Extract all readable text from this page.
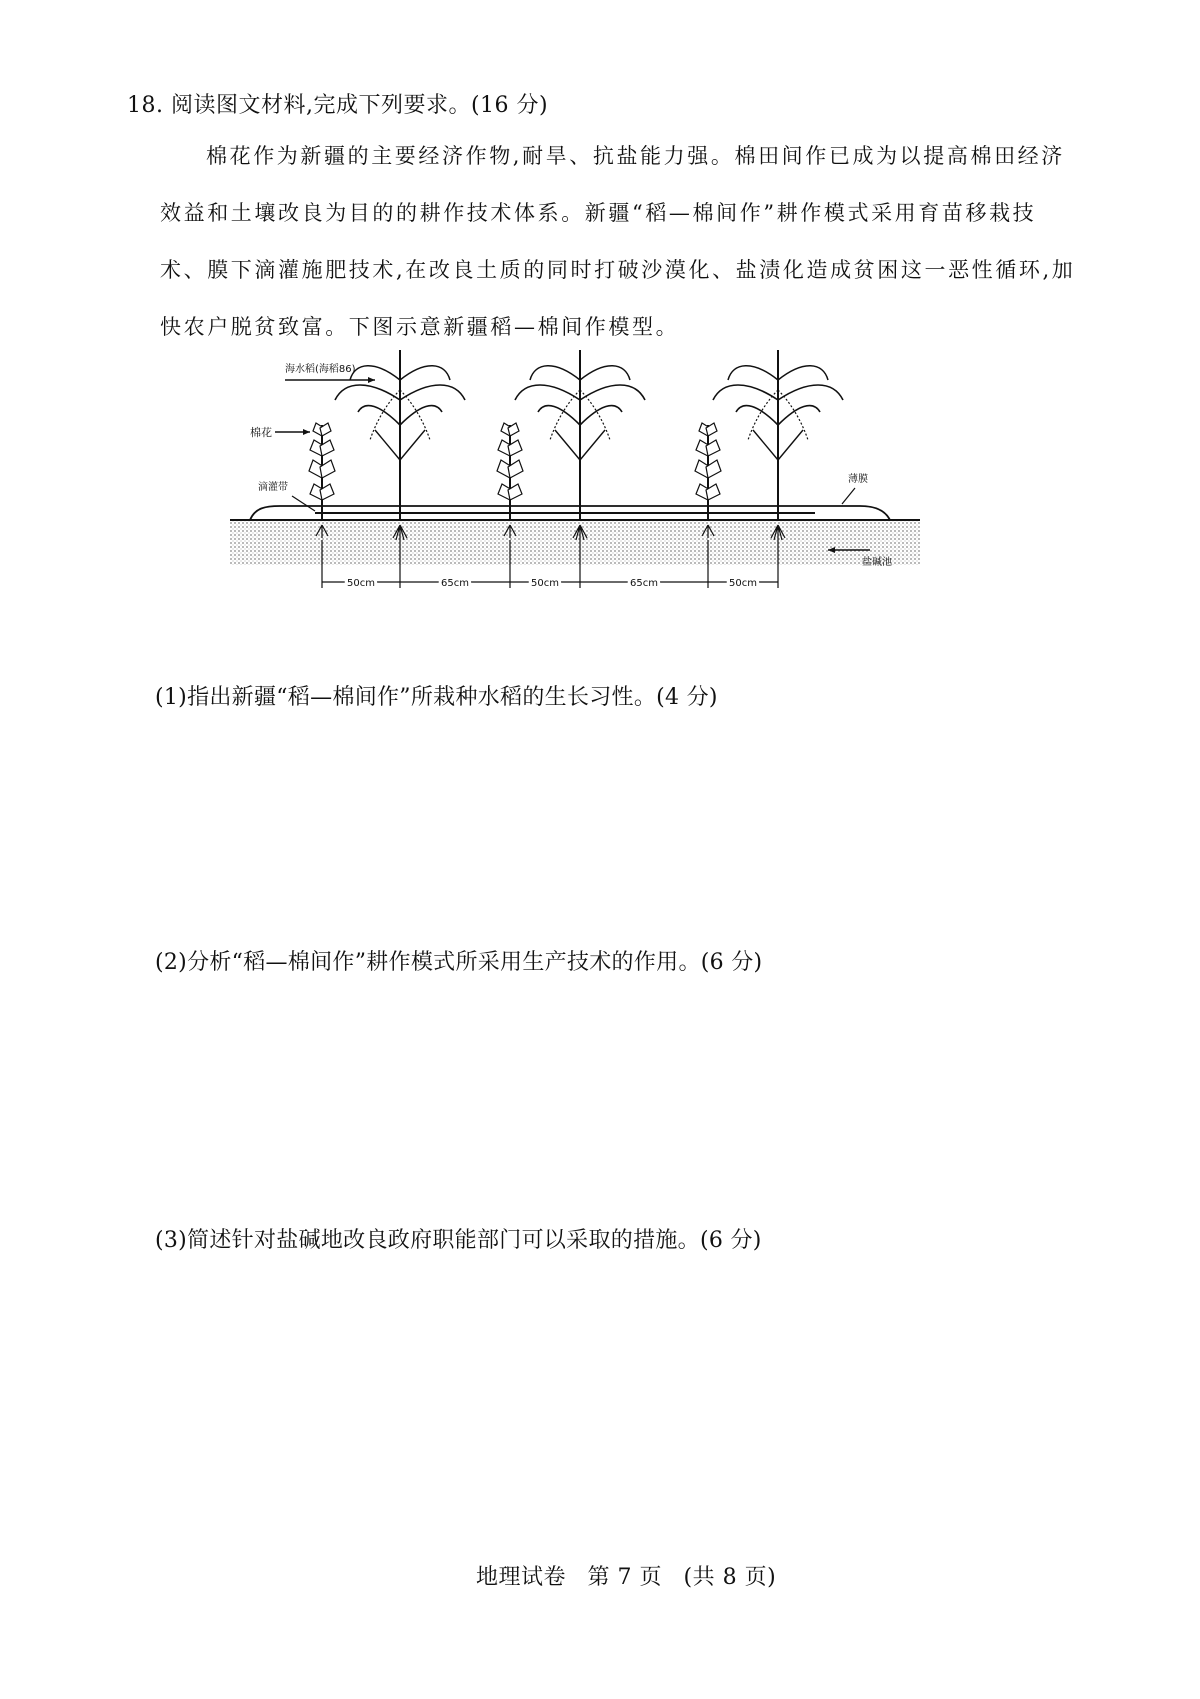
18. 阅读图文材料,完成下列要求。(16 分)

棉花作为新疆的主要经济作物,耐旱、抗盐能力强。棉田间作已成为以提高棉田经济

效益和土壤改良为目的的耕作技术体系。新疆“稻—棉间作”耕作模式采用育苗移栽技

术、膜下滴灌施肥技术,在改良土质的同时打破沙漠化、盐渍化造成贫困这一恶性循环,加

快农户脱贫致富。下图示意新疆稻—棉间作模型。

海水稻(海稻86)
棉花
滴灌带
薄膜
盐碱池
50cm	65cm	50cm	65cm	50cm
(1)指出新疆“稻—棉间作”所栽种水稻的生长习性。(4 分)
(2)分析“稻—棉间作”耕作模式所采用生产技术的作用。(6 分)
(3)简述针对盐碱地改良政府职能部门可以采取的措施。(6 分)
地理试卷 第 7 页 (共 8 页)
